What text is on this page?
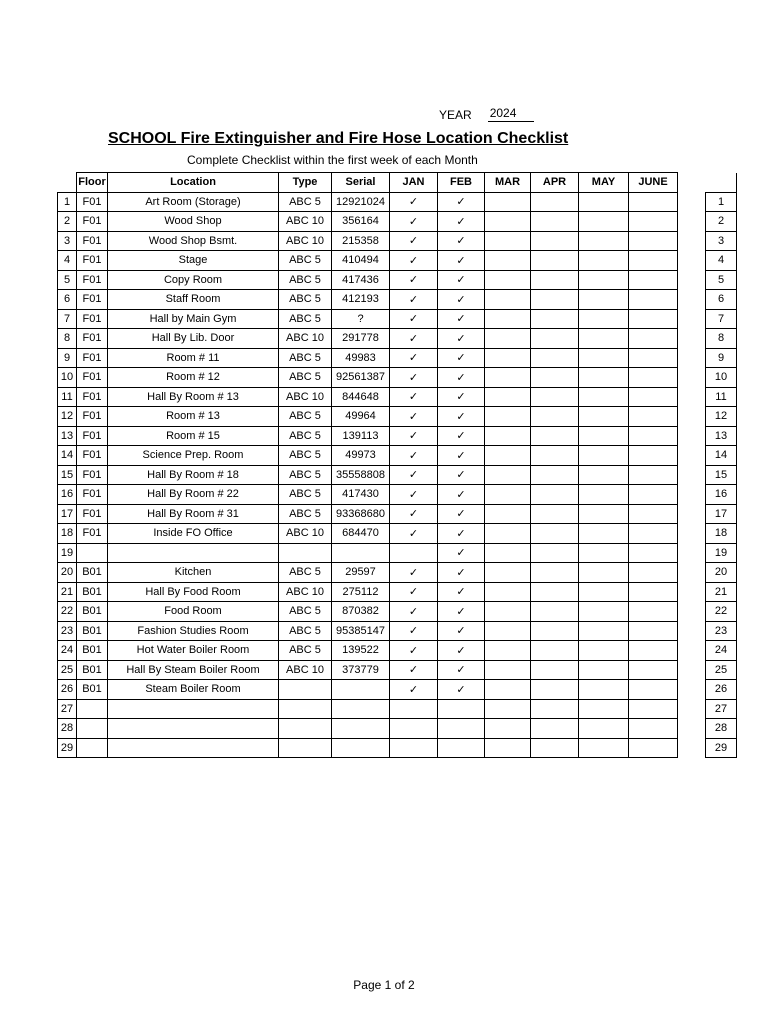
YEAR 2024
SCHOOL Fire Extinguisher and Fire Hose Location Checklist
Complete Checklist within the first week of each Month
	Floor	Location	Type	Serial	JAN	FEB	MAR	APR	MAY	JUNE		
1	F01	Art Room (Storage)	ABC 5	12921024	✓	✓						1
2	F01	Wood Shop	ABC 10	356164	✓	✓						2
3	F01	Wood Shop Bsmt.	ABC 10	215358	✓	✓						3
4	F01	Stage	ABC 5	410494	✓	✓						4
5	F01	Copy Room	ABC 5	417436	✓	✓						5
6	F01	Staff Room	ABC 5	412193	✓	✓						6
7	F01	Hall by Main Gym	ABC 5	?	✓	✓						7
8	F01	Hall By Lib. Door	ABC 10	291778	✓	✓						8
9	F01	Room # 11	ABC 5	49983	✓	✓						9
10	F01	Room # 12	ABC 5	92561387	✓	✓						10
11	F01	Hall By Room # 13	ABC 10	844648	✓	✓						11
12	F01	Room # 13	ABC 5	49964	✓	✓						12
13	F01	Room # 15	ABC 5	139113	✓	✓						13
14	F01	Science Prep. Room	ABC 5	49973	✓	✓						14
15	F01	Hall By Room # 18	ABC 5	35558808	✓	✓						15
16	F01	Hall By Room # 22	ABC 5	417430	✓	✓						16
17	F01	Hall By Room # 31	ABC 5	93368680	✓	✓						17
18	F01	Inside FO Office	ABC 10	684470	✓	✓						18
19						✓						19
20	B01	Kitchen	ABC 5	29597	✓	✓						20
21	B01	Hall By Food Room	ABC 10	275112	✓	✓						21
22	B01	Food Room	ABC 5	870382	✓	✓						22
23	B01	Fashion Studies Room	ABC 5	95385147	✓	✓						23
24	B01	Hot Water Boiler Room	ABC 5	139522	✓	✓						24
25	B01	Hall By Steam Boiler Room	ABC 10	373779	✓	✓						25
26	B01	Steam Boiler Room			✓	✓						26
27												27
28												28
29												29
Page 1 of 2
